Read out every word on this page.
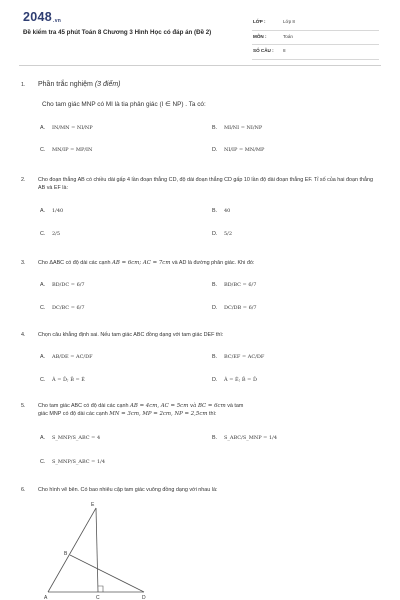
2048.vn
Đề kiểm tra 45 phút Toán 8 Chương 3 Hình Học có đáp án (Đề 2)
LỚP :	Lớp 8
MÔN :	Toán
SỐ CÂU : 8
1. Phần trắc nghiệm (3 điểm)
Cho tam giác MNP có MI là tia phân giác (I ∈ NP) . Ta có:
A. IN/MN = NI/NP	B. MI/NI = NI/NP
C. MN/IP = MP/IN	D. NI/IP = MN/MP
2. Cho đoạn thẳng AB có chiều dài gấp 4 lần đoạn thẳng CD, độ dài đoạn thẳng CD gấp 10 lần độ dài đoạn thẳng EF. Tỉ số của hai đoạn thẳng AB và EF là:
A. 1/40	B. 40
C. 2/5	D. 5/2
3. Cho ΔABC có độ dài các cạnh AB = 6cm; AC = 7cm và AD là đường phân giác. Khi đó:
A. BD/DC = 6/7	B. BD/BC = 6/7
C. DC/BC = 6/7	D. DC/DB = 6/7
4. Chọn câu khẳng định sai. Nếu tam giác ABC đồng dạng với tam giác DEF thì:
A. AB/DE = AC/DF	B. BC/EF = AC/DF
C. Â = D̂; B̂ = Ê	D. Â = Ê; B̂ = D̂
5. Cho tam giác ABC có độ dài các cạnh AB = 4cm, AC = 5cm và BC = 6cm và tam
giác MNP có độ dài các cạnh MN = 3cm, MP = 2cm, NP = 2,5cm thì:
A. S_MNP/S_ABC = 4	B. S_ABC/S_MNP = 1/4
C. S_MNP/S_ABC = 1/4
6. Cho hình vẽ bên. Có bao nhiêu cặp tam giác vuông đồng dạng với nhau là:
E
B
A	C	D
